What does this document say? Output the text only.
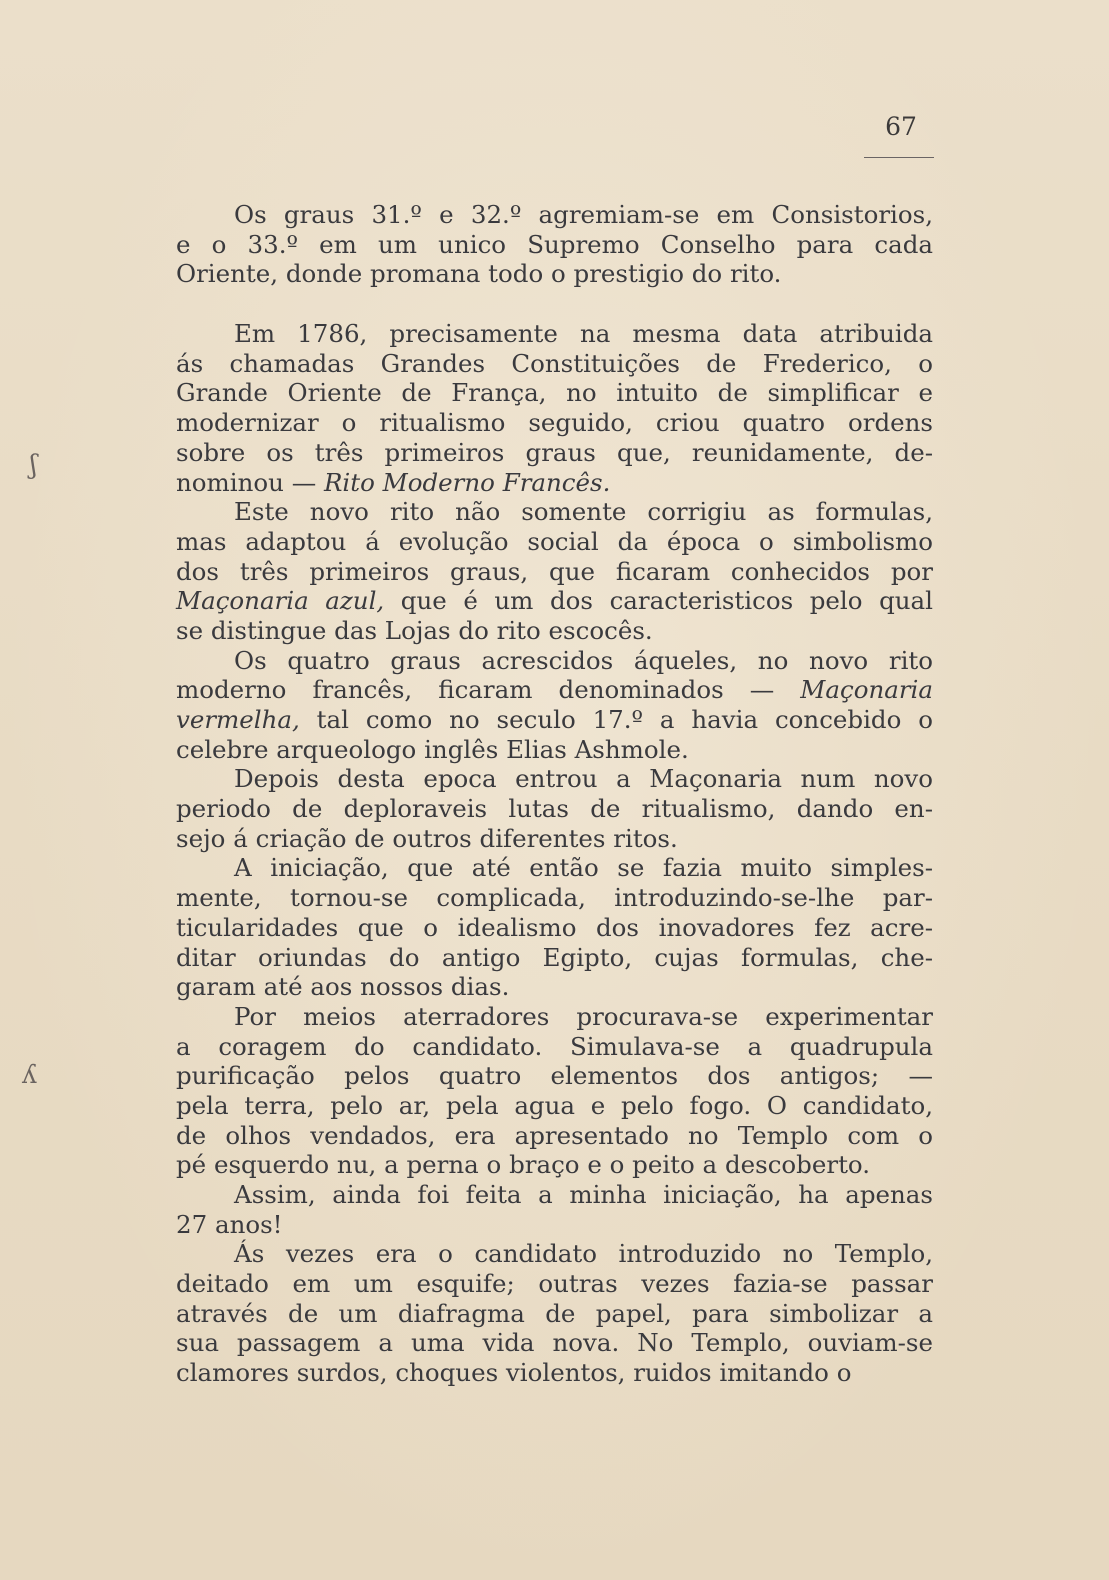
67
Os graus 31.º e 32.º agremiam-se em Consistorios,
e o 33.º em um unico Supremo Conselho para cada
Oriente, donde promana todo o prestigio do rito.
Em 1786, precisamente na mesma data atribuida
ás chamadas Grandes Constituições de Frederico, o
Grande Oriente de França, no intuito de simplificar e
modernizar o ritualismo seguido, criou quatro ordens
sobre os três primeiros graus que, reunidamente, de-
nominou — Rito Moderno Francês.
Este novo rito não somente corrigiu as formulas,
mas adaptou á evolução social da época o simbolismo
dos três primeiros graus, que ficaram conhecidos por
Maçonaria azul, que é um dos caracteristicos pelo qual
se distingue das Lojas do rito escocês.
Os quatro graus acrescidos áqueles, no novo rito
moderno francês, ficaram denominados — Maçonaria
vermelha, tal como no seculo 17.º a havia concebido o
celebre arqueologo inglês Elias Ashmole.
Depois desta epoca entrou a Maçonaria num novo
periodo de deploraveis lutas de ritualismo, dando en-
sejo á criação de outros diferentes ritos.
A iniciação, que até então se fazia muito simples-
mente, tornou-se complicada, introduzindo-se-lhe par-
ticularidades que o idealismo dos inovadores fez acre-
ditar oriundas do antigo Egipto, cujas formulas, che-
garam até aos nossos dias.
Por meios aterradores procurava-se experimentar
a coragem do candidato. Simulava-se a quadrupula
purificação pelos quatro elementos dos antigos; —
pela terra, pelo ar, pela agua e pelo fogo. O candidato,
de olhos vendados, era apresentado no Templo com o
pé esquerdo nu, a perna o braço e o peito a descoberto.
Assim, ainda foi feita a minha iniciação, ha apenas
27 anos!
Ás vezes era o candidato introduzido no Templo,
deitado em um esquife; outras vezes fazia-se passar
através de um diafragma de papel, para simbolizar a
sua passagem a uma vida nova. No Templo, ouviam-se
clamores surdos, choques violentos, ruidos imitando o
ʃ
ʎ
